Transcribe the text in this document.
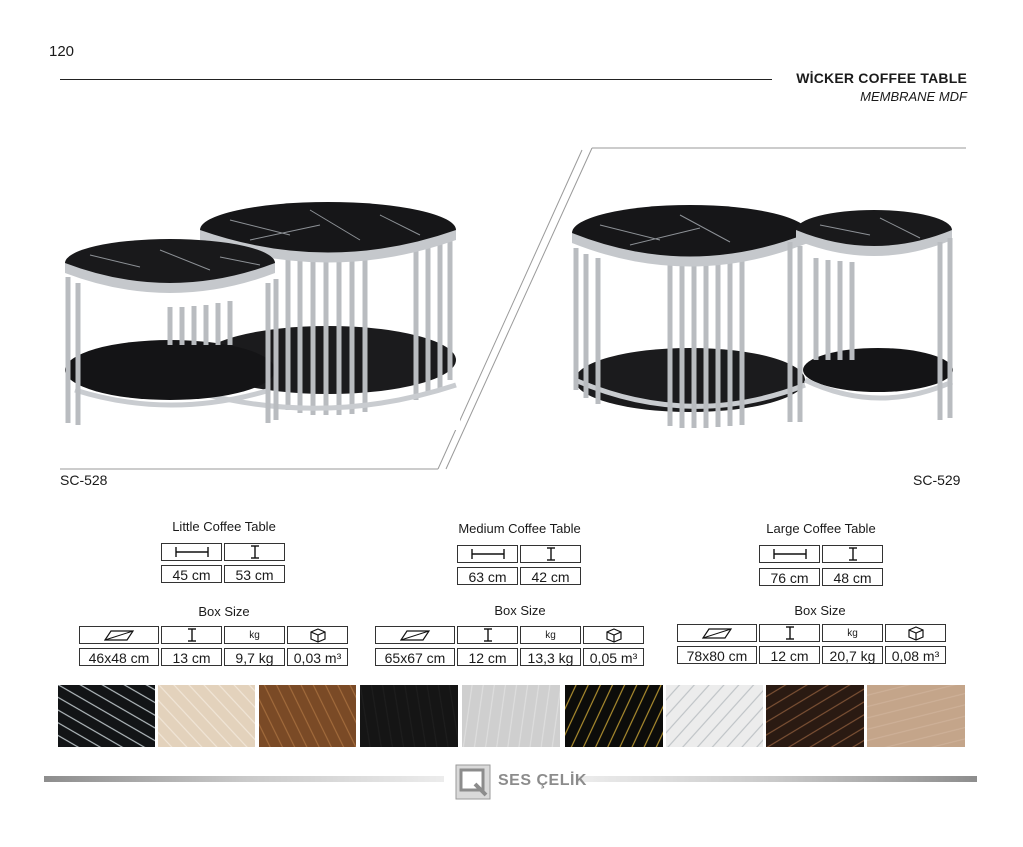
120
WİCKER COFFEE TABLE
MEMBRANE MDF
SC-528	SC-529
Little Coffee Table
45 cm	53 cm
Medium Coffee Table
63 cm	42 cm
Large Coffee Table
76 cm	48 cm
Box Size	Box Size	Box Size
kg
46x48 cm	13 cm	9,7 kg	0,03 m³
kg
65x67 cm	12 cm	13,3 kg	0,05 m³
kg
78x80 cm	12 cm	20,7 kg	0,08 m³
SES ÇELİK
